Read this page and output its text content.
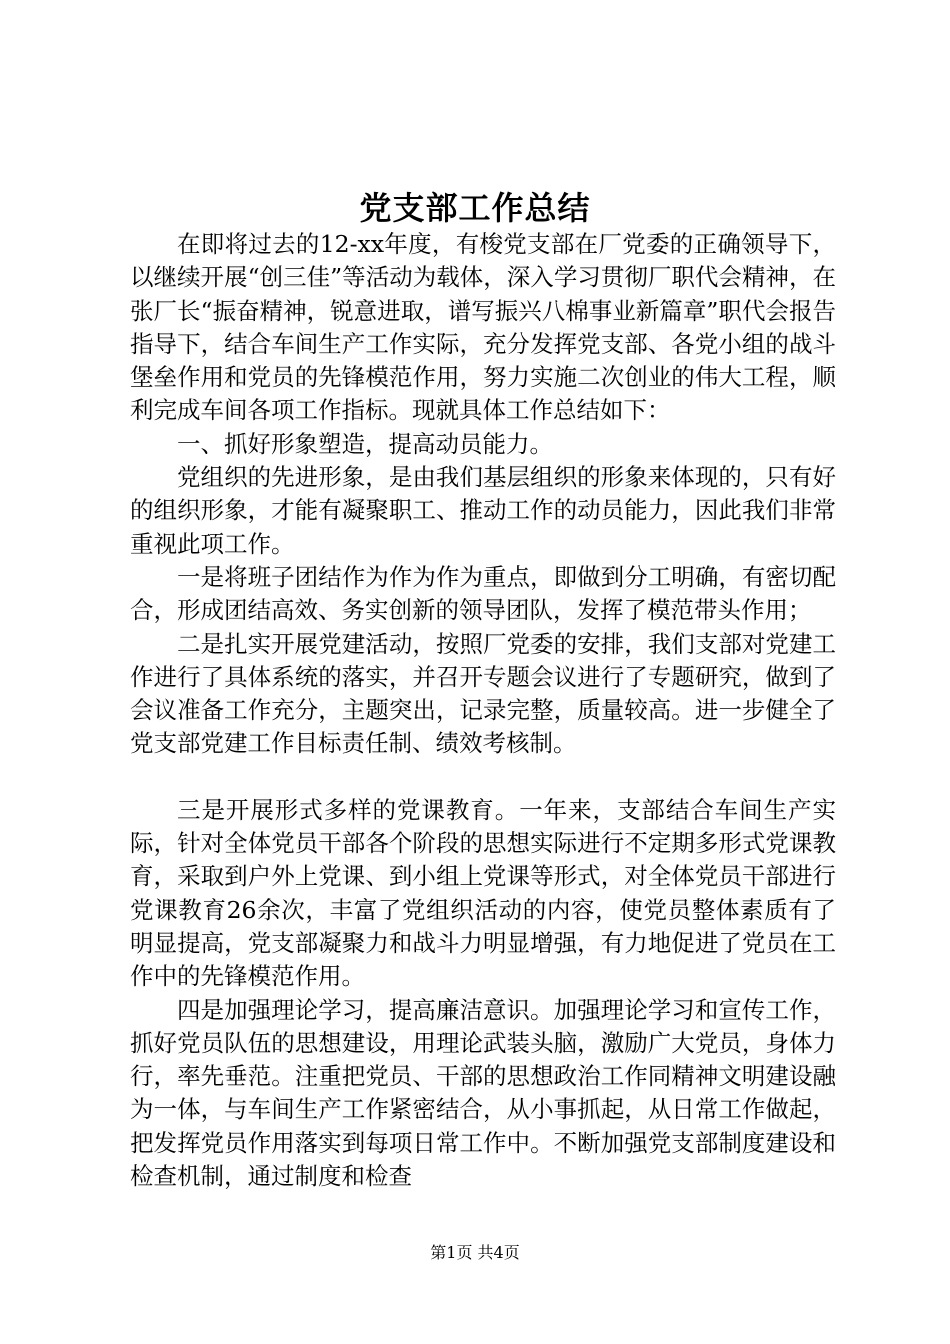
党支部工作总结

在即将过去的12-xx年度，有梭党支部在厂党委的正确领导下，以继续开展“创三佳”等活动为载体，深入学习贯彻厂职代会精神，在张厂长“振奋精神，锐意进取，谱写振兴八棉事业新篇章”职代会报告指导下，结合车间生产工作实际，充分发挥党支部、各党小组的战斗堡垒作用和党员的先锋模范作用，努力实施二次创业的伟大工程，顺利完成车间各项工作指标。现就具体工作总结如下：

一、抓好形象塑造，提高动员能力。

党组织的先进形象，是由我们基层组织的形象来体现的，只有好的组织形象，才能有凝聚职工、推动工作的动员能力，因此我们非常重视此项工作。

一是将班子团结作为作为作为重点，即做到分工明确，有密切配合，形成团结高效、务实创新的领导团队，发挥了模范带头作用；

二是扎实开展党建活动，按照厂党委的安排，我们支部对党建工作进行了具体系统的落实，并召开专题会议进行了专题研究，做到了会议准备工作充分，主题突出，记录完整，质量较高。进一步健全了党支部党建工作目标责任制、绩效考核制。

三是开展形式多样的党课教育。一年来，支部结合车间生产实际，针对全体党员干部各个阶段的思想实际进行不定期多形式党课教育，采取到户外上党课、到小组上党课等形式，对全体党员干部进行党课教育26余次，丰富了党组织活动的内容，使党员整体素质有了明显提高，党支部凝聚力和战斗力明显增强，有力地促进了党员在工作中的先锋模范作用。

四是加强理论学习，提高廉洁意识。加强理论学习和宣传工作，抓好党员队伍的思想建设，用理论武装头脑，激励广大党员，身体力行，率先垂范。注重把党员、干部的思想政治工作同精神文明建设融为一体，与车间生产工作紧密结合，从小事抓起，从日常工作做起，把发挥党员作用落实到每项日常工作中。不断加强党支部制度建设和检查机制，通过制度和检查

第1页 共4页
